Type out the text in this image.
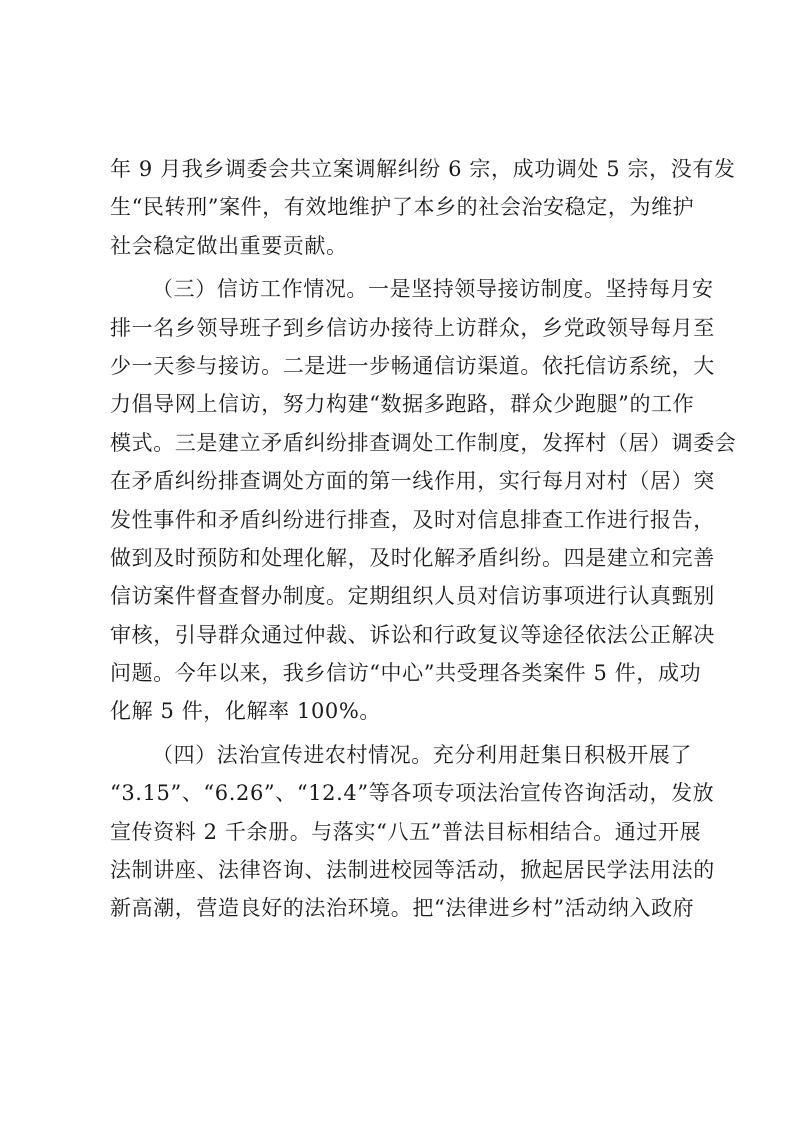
年 9 月我乡调委会共立案调解纠纷 6 宗，成功调处 5 宗，没有发
生“民转刑”案件，有效地维护了本乡的社会治安稳定，为维护
社会稳定做出重要贡献。

（三）信访工作情况。一是坚持领导接访制度。坚持每月安
排一名乡领导班子到乡信访办接待上访群众，乡党政领导每月至
少一天参与接访。二是进一步畅通信访渠道。依托信访系统，大
力倡导网上信访，努力构建“数据多跑路，群众少跑腿”的工作
模式。三是建立矛盾纠纷排查调处工作制度，发挥村（居）调委会
在矛盾纠纷排查调处方面的第一线作用，实行每月对村（居）突
发性事件和矛盾纠纷进行排查，及时对信息排查工作进行报告，
做到及时预防和处理化解，及时化解矛盾纠纷。四是建立和完善
信访案件督查督办制度。定期组织人员对信访事项进行认真甄别
审核，引导群众通过仲裁、诉讼和行政复议等途径依法公正解决
问题。今年以来，我乡信访“中心”共受理各类案件 5 件，成功
化解 5 件，化解率 100%。

（四）法治宣传进农村情况。充分利用赶集日积极开展了
“3.15”、“6.26”、“12.4”等各项专项法治宣传咨询活动，发放
宣传资料 2 千余册。与落实“八五”普法目标相结合。通过开展
法制讲座、法律咨询、法制进校园等活动，掀起居民学法用法的
新高潮，营造良好的法治环境。把“法律进乡村”活动纳入政府
